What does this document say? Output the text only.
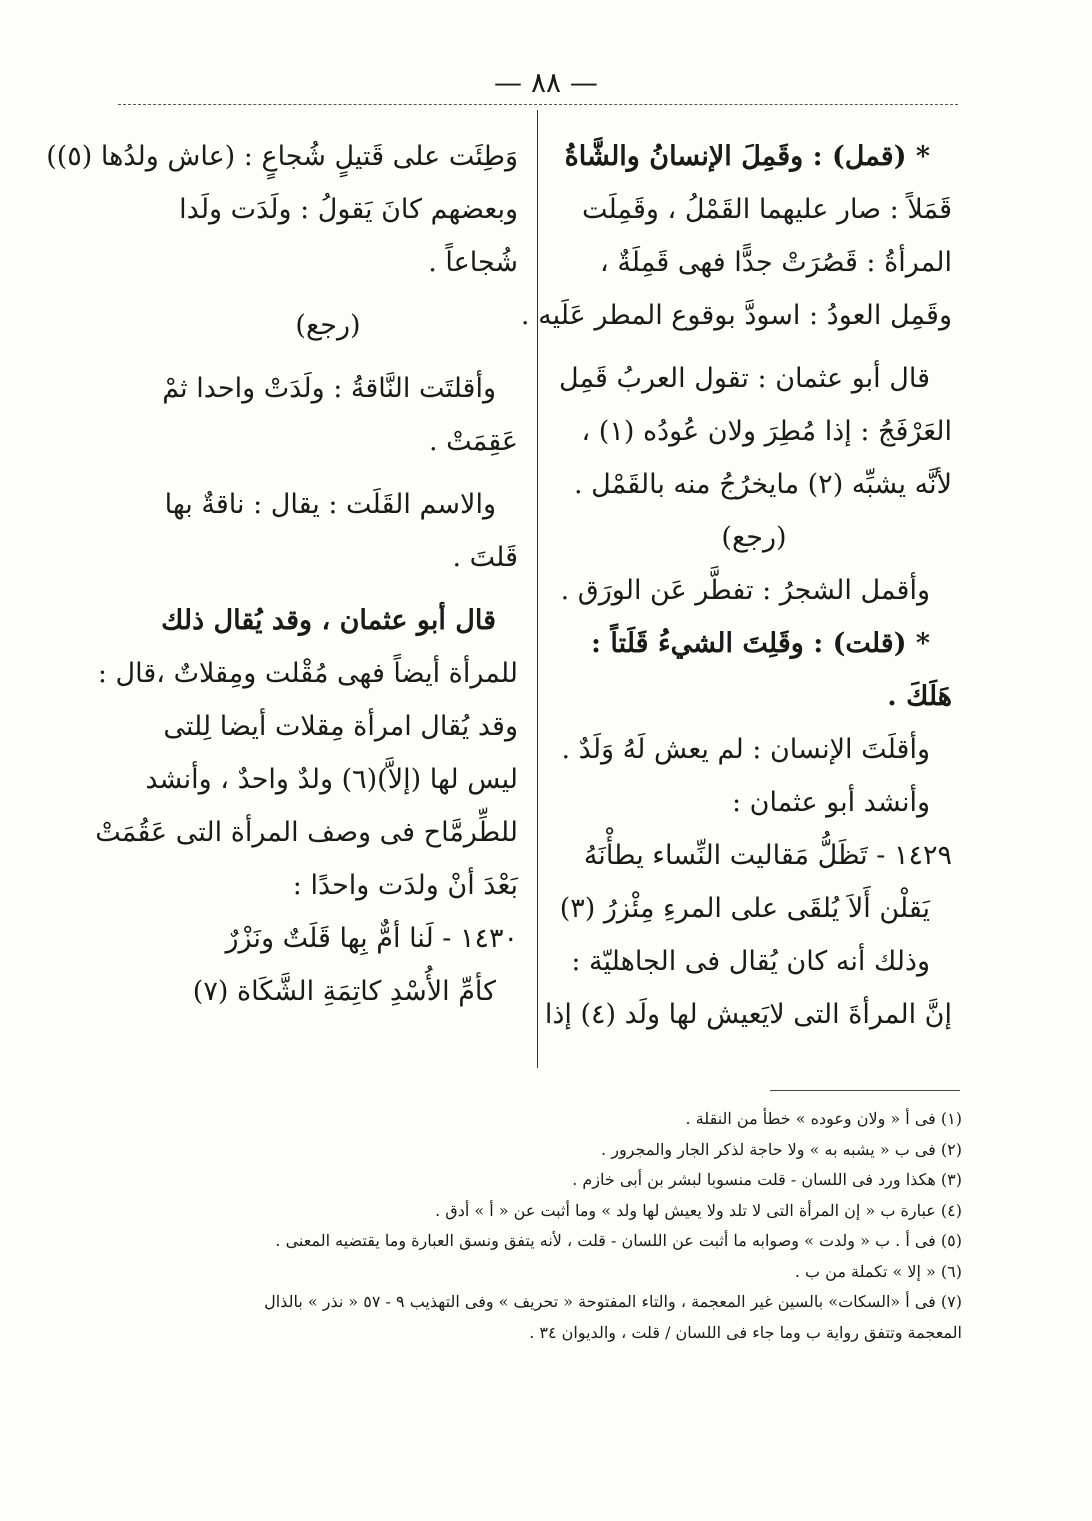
— ٨٨ —
* (قمل) : وقَمِلَ الإنسانُ والشَّاةُ
قَمَلاً : صار عليهما القَمْلُ ، وقَمِلَت
المرأةُ : قَصُرَتْ جدًّا فهى قَمِلَةٌ ،
وقَمِل العودُ : اسودَّ بوقوع المطر عَلَيه .
قال أبو عثمان : تقول العربُ قَمِل
العَرْفَجُ : إذا مُطِرَ ولان عُودُه (١) ،
لأنَّه يشبِّه (٢) مايخرُجُ منه بالقَمْل .
(رجع)
وأقمل الشجرُ : تفطَّر عَن الورَق .
* (قلت) : وقَلِتَ الشيءُ قَلَتاً :
هَلَكَ .
وأقلَتَ الإنسان : لم يعش لَهُ وَلَدٌ .
وأنشد أبو عثمان :
١٤٢٩ - تَظَلُّ مَقاليت النِّساء يطأْنَهُ
يَقلْن أَلاَ يُلقَى على المرءِ مِئْزرُ (٣)
وذلك أنه كان يُقال فى الجاهليّة :
إنَّ المرأةَ التى لايَعيش لها ولَد (٤) إذا
وَطِئَت على قَتيلٍ شُجاعٍ : (عاش ولدُها (٥))
وبعضهم كانَ يَقولُ : ولَدَت ولَدا
شُجاعاً .
(رجع)
وأقلتَت النَّاقةُ : ولَدَتْ واحدا ثمْ
عَقِمَتْ .
والاسم القَلَت : يقال : ناقةٌ بها
قَلتَ .
قال أبو عثمان ، وقد يُقال ذلك
للمرأة أيضاً فهى مُقْلت ومِقلاتٌ ،قال :
وقد يُقال امرأة مِقلات أيضا لِلتى
ليس لها (إلاَّ)(٦) ولدٌ واحدٌ ، وأنشد
للطِّرمَّاح فى وصف المرأة التى عَقُمَتْ
بَعْدَ أنْ ولدَت واحدًا :
١٤٣٠ - لَنا أمٌّ بِها قَلَتٌ ونَزْرٌ
كأمِّ الأُسْدِ كاتِمَةِ الشَّكَاة (٧)
(١) فى أ « ولان وعوده » خطأ من النقلة .
(٢) فى ب « يشبه به » ولا حاجة لذكر الجار والمجرور .
(٣) هكذا ورد فى اللسان - قلت منسوبا لبشر بن أبى خازم .
(٤) عبارة ب « إن المرأة التى لا تلد ولا يعيش لها ولد » وما أثبت عن « أ » أدق .
(٥) فى أ . ب « ولدت » وصوابه ما أثبت عن اللسان - قلت ، لأنه يتفق ونسق العبارة وما يقتضيه المعنى .
(٦) « إلا » تكملة من ب .
(٧) فى أ «السكات» بالسين غير المعجمة ، والتاء المفتوحة « تحريف » وفى التهذيب ٩ - ٥٧ « نذر » بالذال
المعجمة وتتفق رواية ب وما جاء فى اللسان / قلت ، والديوان ٣٤ .
